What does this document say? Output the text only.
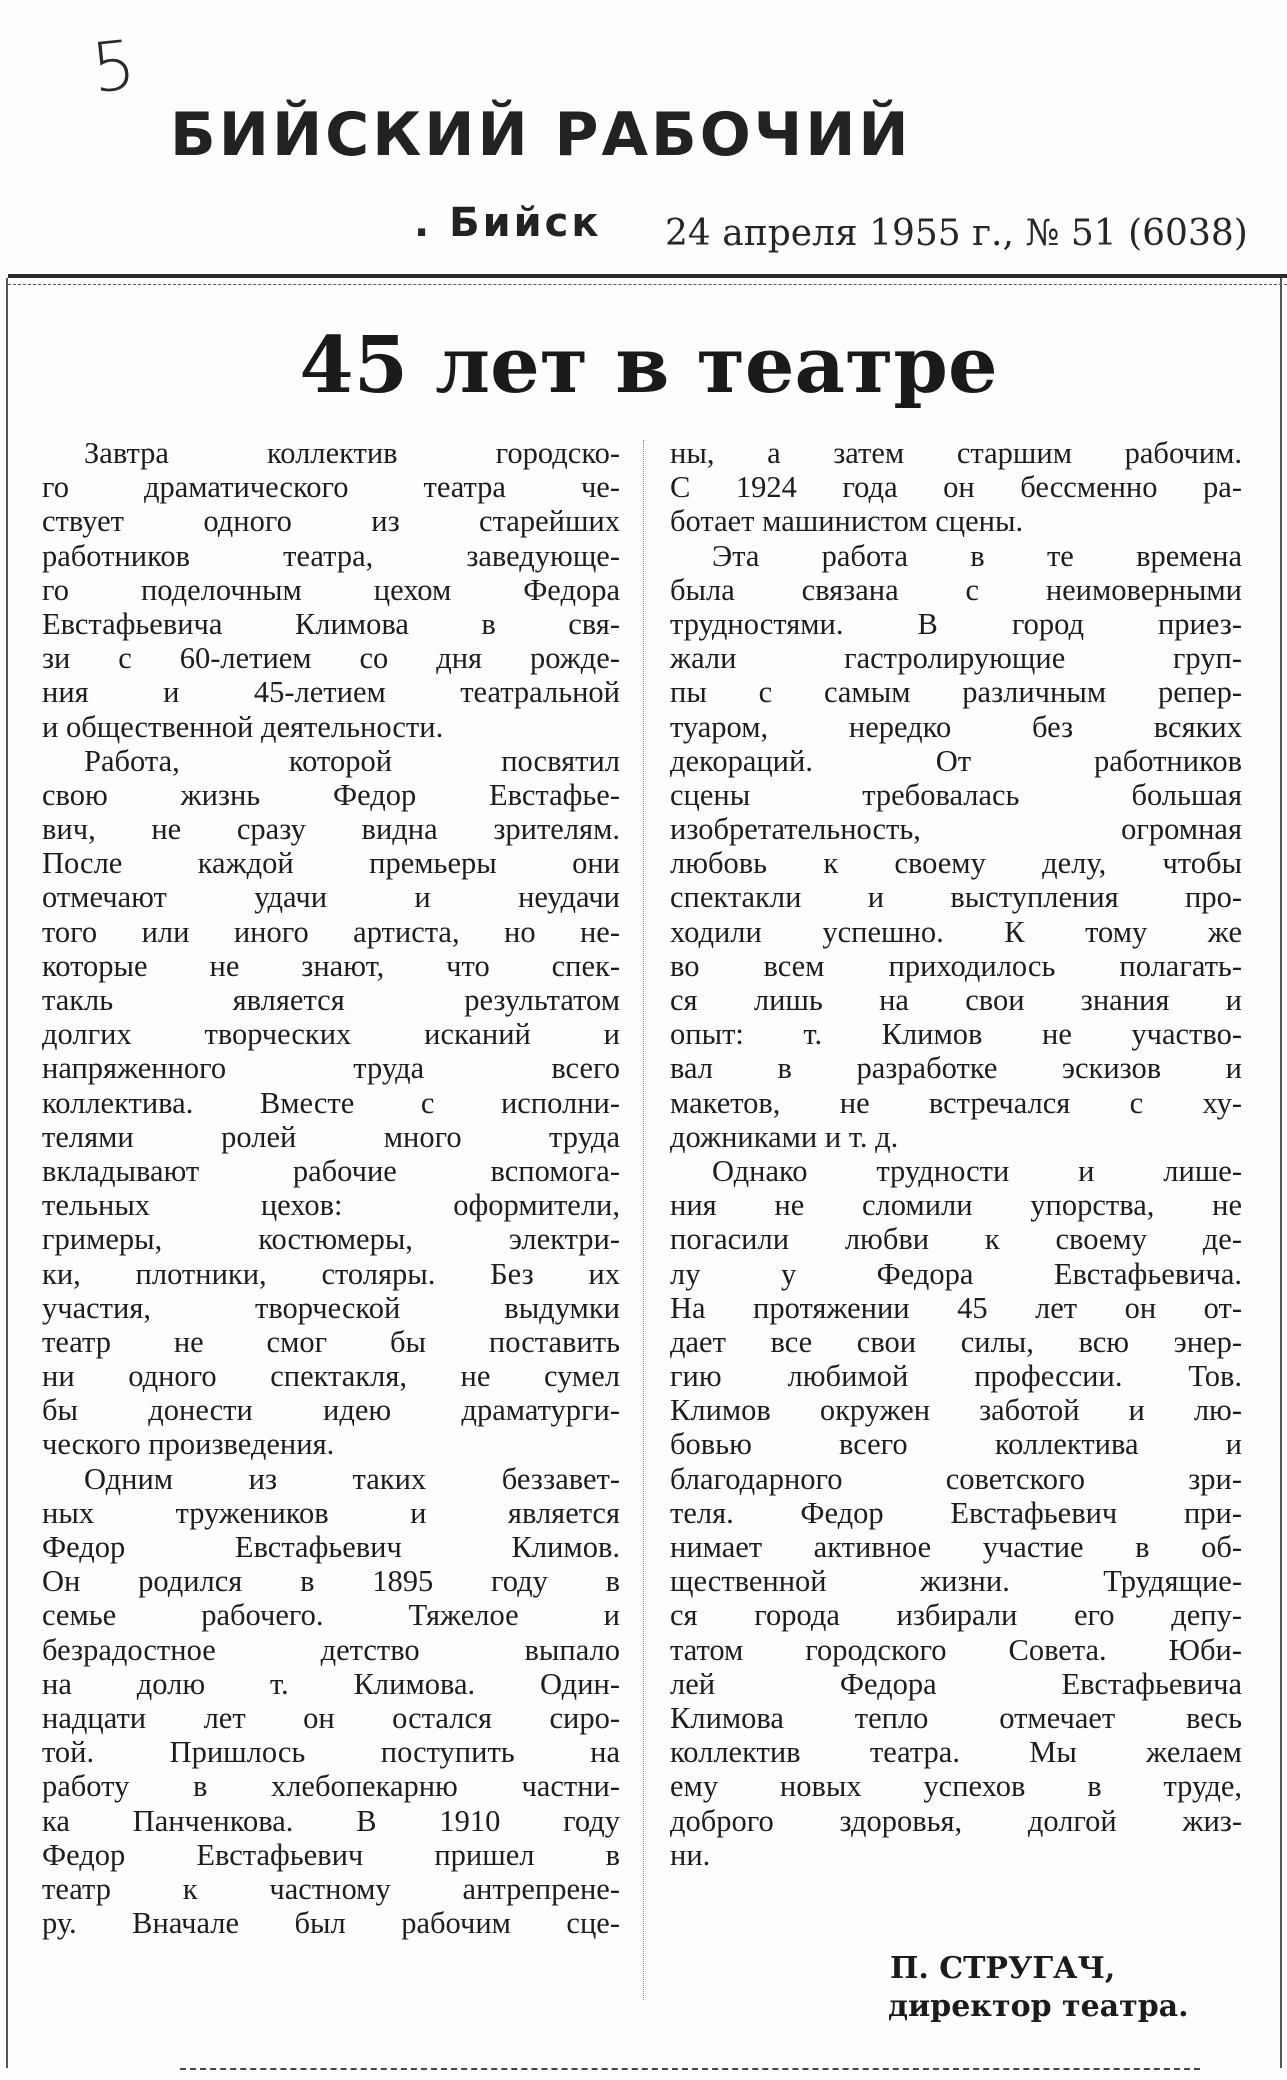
5
БИЙСКИЙ РАБОЧИЙ
. Бийск 24 апреля 1955 г., № 51 (6038)
45 лет в театре
Завтра коллектив городско-
го драматического театра че-
ствует одного из старейших
работников театра, заведующе-
го поделочным цехом Федора
Евстафьевича Климова в свя-
зи с 60-летием со дня рожде-
ния и 45-летием театральной
и общественной деятельности.
Работа, которой посвятил
свою жизнь Федор Евстафье-
вич, не сразу видна зрителям.
После каждой премьеры они
отмечают удачи и неудачи
того или иного артиста, но не-
которые не знают, что спек-
такль является результатом
долгих творческих исканий и
напряженного труда всего
коллектива. Вместе с исполни-
телями ролей много труда
вкладывают рабочие вспомога-
тельных цехов: оформители,
гримеры, костюмеры, электри-
ки, плотники, столяры. Без их
участия, творческой выдумки
театр не смог бы поставить
ни одного спектакля, не сумел
бы донести идею драматурги-
ческого произведения.
Одним из таких беззавет-
ных тружеников и является
Федор Евстафьевич Климов.
Он родился в 1895 году в
семье рабочего. Тяжелое и
безрадостное детство выпало
на долю т. Климова. Один-
надцати лет он остался сиро-
той. Пришлось поступить на
работу в хлебопекарню частни-
ка Панченкова. В 1910 году
Федор Евстафьевич пришел в
театр к частному антрепрене-
ру. Вначале был рабочим сце-
ны, а затем старшим рабочим.
С 1924 года он бессменно ра-
ботает машинистом сцены.
Эта работа в те времена
была связана с неимоверными
трудностями. В город приез-
жали гастролирующие груп-
пы с самым различным репер-
туаром, нередко без всяких
декораций. От работников
сцены требовалась большая
изобретательность, огромная
любовь к своему делу, чтобы
спектакли и выступления про-
ходили успешно. К тому же
во всем приходилось полагать-
ся лишь на свои знания и
опыт: т. Климов не участво-
вал в разработке эскизов и
макетов, не встречался с ху-
дожниками и т. д.
Однако трудности и лише-
ния не сломили упорства, не
погасили любви к своему де-
лу у Федора Евстафьевича.
На протяжении 45 лет он от-
дает все свои силы, всю энер-
гию любимой профессии. Тов.
Климов окружен заботой и лю-
бовью всего коллектива и
благодарного советского зри-
теля. Федор Евстафьевич при-
нимает активное участие в об-
щественной жизни. Трудящие-
ся города избирали его депу-
татом городского Совета. Юби-
лей Федора Евстафьевича
Климова тепло отмечает весь
коллектив театра. Мы желаем
ему новых успехов в труде,
доброго здоровья, долгой жиз-
ни.
П. СТРУГАЧ,
директор театра.
